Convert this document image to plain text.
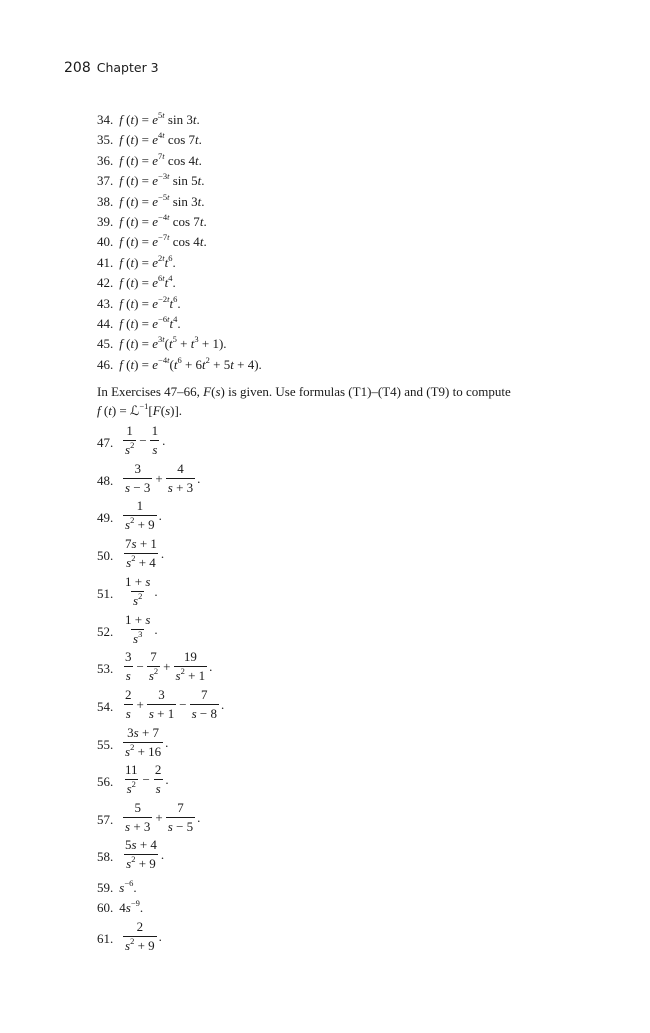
208 Chapter 3
34. f $(t) = e^{5t}$ sin 3t.
35. f $(t) = e^{4t}$ cos 7t.
36. f $(t) = e^{7t}$ cos 4t.
37. f $(t) = e^{-3t}$ sin 5t.
38. f $(t) = e^{-5t}$ sin 3t.
39. f $(t) = e^{-4t}$ cos 7t.
40. f $(t) = e^{-7t}$ cos 4t.
41. f $(t) = e^{2t}t^6$.
42. f $(t) = e^{6t}t^4$.
43. f $(t) = e^{-2t}t^6$.
44. f $(t) = e^{-6t}t^4$.
45. f $(t) = e^{3t}(t^5 + t^3 + 1)$.
46. f $(t) = e^{-4t}(t^6 + 6t^2 + 5t + 4)$.
In Exercises 47–66, F(s) is given. Use formulas (T1)–(T4) and (T9) to compute
f (t) = ℒ$^{-1}$[F(s)].
47.
1
$s^2 - \frac{1}{s}$ .
48.
3
s − 3
+ $\frac{4}{s + 3}$ .
49.
1
$s^2 + 9$
.
50.
7s + 1
$s^2 + 4$
.
51.
1 + s
$s^2$ .
52.
1 + s
$s^3$ .
53.
3
s
− $\frac{7}{s^2} + \frac{19}{s^2 + 1}$ .
54.
2
s
+ $\frac{3}{s + 1} - \frac{7}{s - 8}$ .
55.
3s + 7
$s^2 + 16$
.
56.
11
$s^2 - \frac{2}{s}$ .
57.
5
s + 3
+ $\frac{7}{s - 5}$ .
58.
5s + 4
$s^2 + 9$
.
59. $s^{-6}$.
60. $4s^{-9}$.
61.
2
$s^2 + 9$
.
